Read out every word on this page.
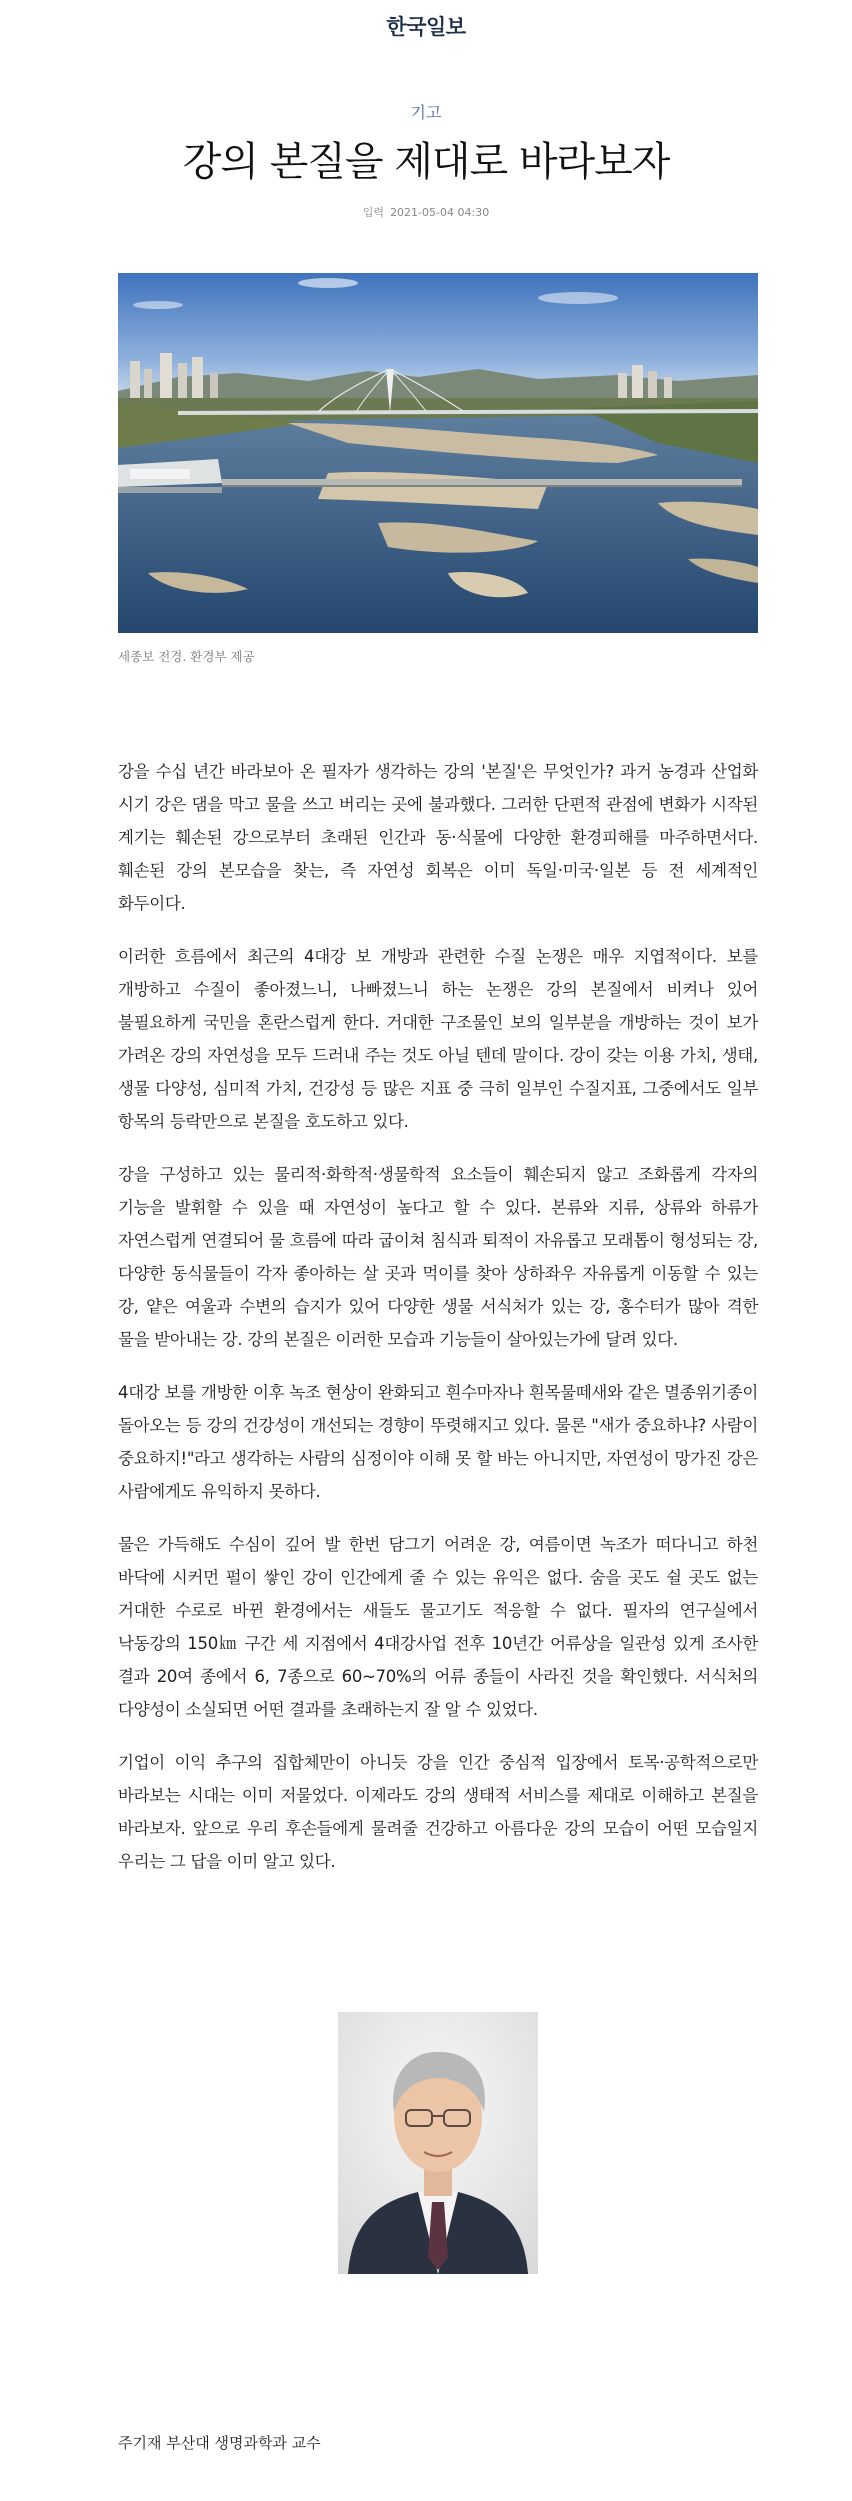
한국일보
기고
강의 본질을 제대로 바라보자
입력 2021-05-04 04:30
세종보 전경. 환경부 제공

강을 수십 년간 바라보아 온 필자가 생각하는 강의 '본질'은 무엇인가? 과거 농경과 산업화 시기 강은 댐을 막고 물을 쓰고 버리는 곳에 불과했다. 그러한 단편적 관점에 변화가 시작된 계기는 훼손된 강으로부터 초래된 인간과 동·식물에 다양한 환경피해를 마주하면서다. 훼손된 강의 본모습을 찾는, 즉 자연성 회복은 이미 독일·미국·일본 등 전 세계적인 화두이다.

이러한 흐름에서 최근의 4대강 보 개방과 관련한 수질 논쟁은 매우 지엽적이다. 보를 개방하고 수질이 좋아졌느니, 나빠졌느니 하는 논쟁은 강의 본질에서 비켜나 있어 불필요하게 국민을 혼란스럽게 한다. 거대한 구조물인 보의 일부분을 개방하는 것이 보가 가려온 강의 자연성을 모두 드러내 주는 것도 아닐 텐데 말이다. 강이 갖는 이용 가치, 생태, 생물 다양성, 심미적 가치, 건강성 등 많은 지표 중 극히 일부인 수질지표, 그중에서도 일부 항목의 등락만으로 본질을 호도하고 있다.

강을 구성하고 있는 물리적·화학적·생물학적 요소들이 훼손되지 않고 조화롭게 각자의 기능을 발휘할 수 있을 때 자연성이 높다고 할 수 있다. 본류와 지류, 상류와 하류가 자연스럽게 연결되어 물 흐름에 따라 굽이쳐 침식과 퇴적이 자유롭고 모래톱이 형성되는 강, 다양한 동식물들이 각자 좋아하는 살 곳과 먹이를 찾아 상하좌우 자유롭게 이동할 수 있는 강, 얕은 여울과 수변의 습지가 있어 다양한 생물 서식처가 있는 강, 홍수터가 많아 격한 물을 받아내는 강. 강의 본질은 이러한 모습과 기능들이 살아있는가에 달려 있다.

4대강 보를 개방한 이후 녹조 현상이 완화되고 흰수마자나 흰목물떼새와 같은 멸종위기종이 돌아오는 등 강의 건강성이 개선되는 경향이 뚜렷해지고 있다. 물론 "새가 중요하냐? 사람이 중요하지!"라고 생각하는 사람의 심정이야 이해 못 할 바는 아니지만, 자연성이 망가진 강은 사람에게도 유익하지 못하다.

물은 가득해도 수심이 깊어 발 한번 담그기 어려운 강, 여름이면 녹조가 떠다니고 하천 바닥에 시커먼 펄이 쌓인 강이 인간에게 줄 수 있는 유익은 없다. 숨을 곳도 쉴 곳도 없는 거대한 수로로 바뀐 환경에서는 새들도 물고기도 적응할 수 없다. 필자의 연구실에서 낙동강의 150㎞ 구간 세 지점에서 4대강사업 전후 10년간 어류상을 일관성 있게 조사한 결과 20여 종에서 6, 7종으로 60~70%의 어류 종들이 사라진 것을 확인했다. 서식처의 다양성이 소실되면 어떤 결과를 초래하는지 잘 알 수 있었다.

기업이 이익 추구의 집합체만이 아니듯 강을 인간 중심적 입장에서 토목·공학적으로만 바라보는 시대는 이미 저물었다. 이제라도 강의 생태적 서비스를 제대로 이해하고 본질을 바라보자. 앞으로 우리 후손들에게 물려줄 건강하고 아름다운 강의 모습이 어떤 모습일지 우리는 그 답을 이미 알고 있다.

주기재 부산대 생명과학과 교수
